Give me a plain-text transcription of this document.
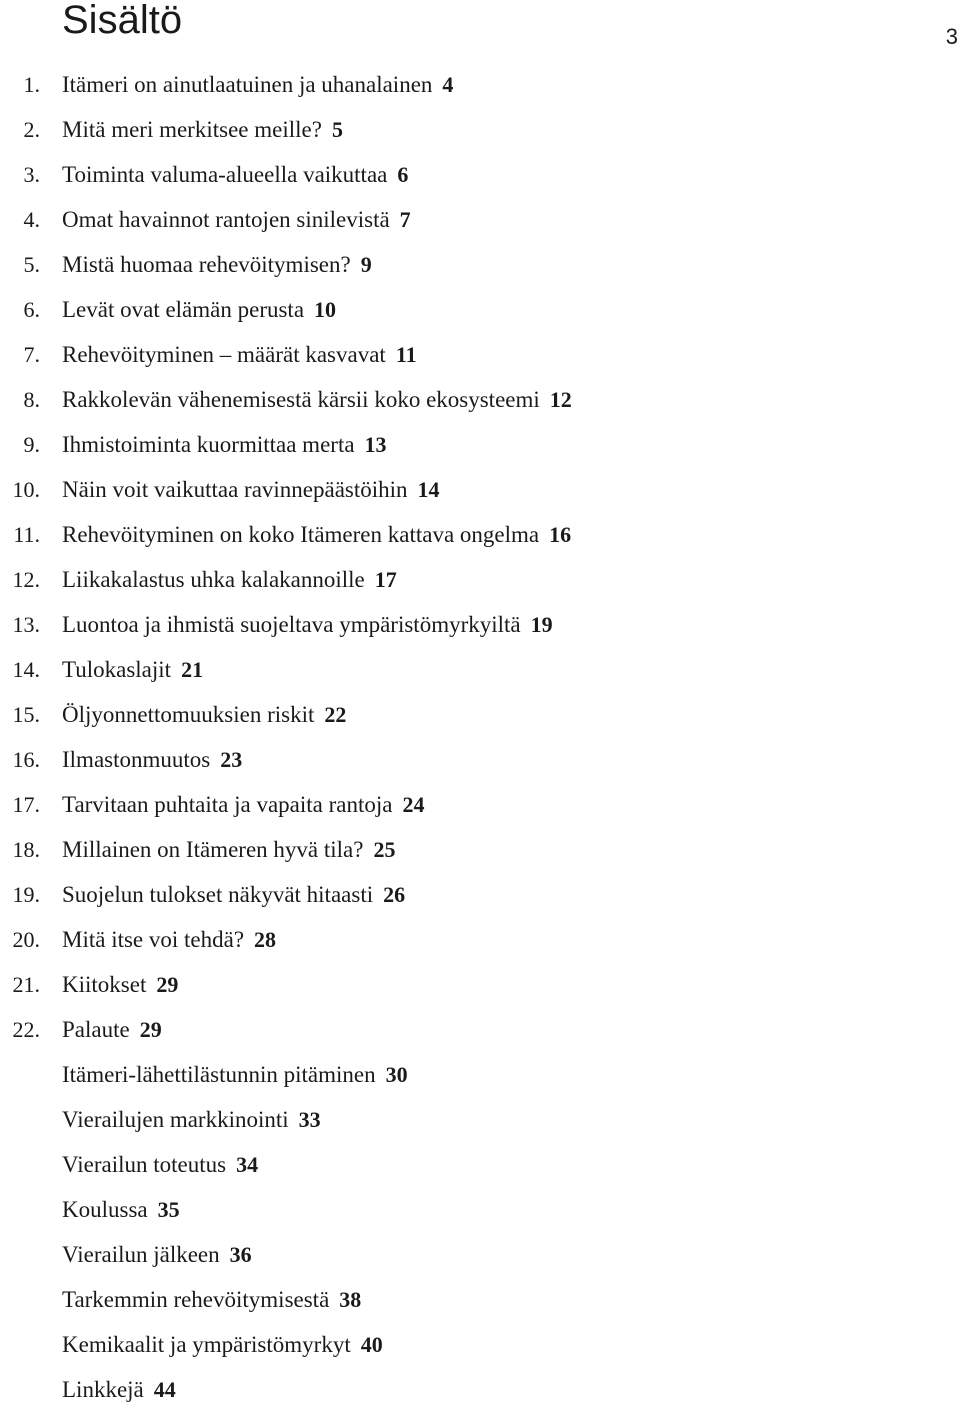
Sisältö	3
1. Itämeri on ainutlaatuinen ja uhanalainen 4
2. Mitä meri merkitsee meille? 5
3. Toiminta valuma-alueella vaikuttaa 6
4. Omat havainnot rantojen sinilevistä 7
5. Mistä huomaa rehevöitymisen? 9
6. Levät ovat elämän perusta 10
7. Rehevöityminen – määrät kasvavat 11
8. Rakkolevän vähenemisestä kärsii koko ekosysteemi 12
9. Ihmistoiminta kuormittaa merta 13
10. Näin voit vaikuttaa ravinnepäästöihin 14
11. Rehevöityminen on koko Itämeren kattava ongelma 16
12. Liikakalastus uhka kalakannoille 17
13. Luontoa ja ihmistä suojeltava ympäristömyrkyiltä 19
14. Tulokaslajit 21
15. Öljyonnettomuuksien riskit 22
16. Ilmastonmuutos 23
17. Tarvitaan puhtaita ja vapaita rantoja 24
18. Millainen on Itämeren hyvä tila? 25
19. Suojelun tulokset näkyvät hitaasti 26
20. Mitä itse voi tehdä? 28
21. Kiitokset 29
22. Palaute 29
Itämeri-lähettilästunnin pitäminen 30
Vierailujen markkinointi 33
Vierailun toteutus 34
Koulussa 35
Vierailun jälkeen 36
Tarkemmin rehevöitymisestä 38
Kemikaalit ja ympäristömyrkyt 40
Linkkejä 44
